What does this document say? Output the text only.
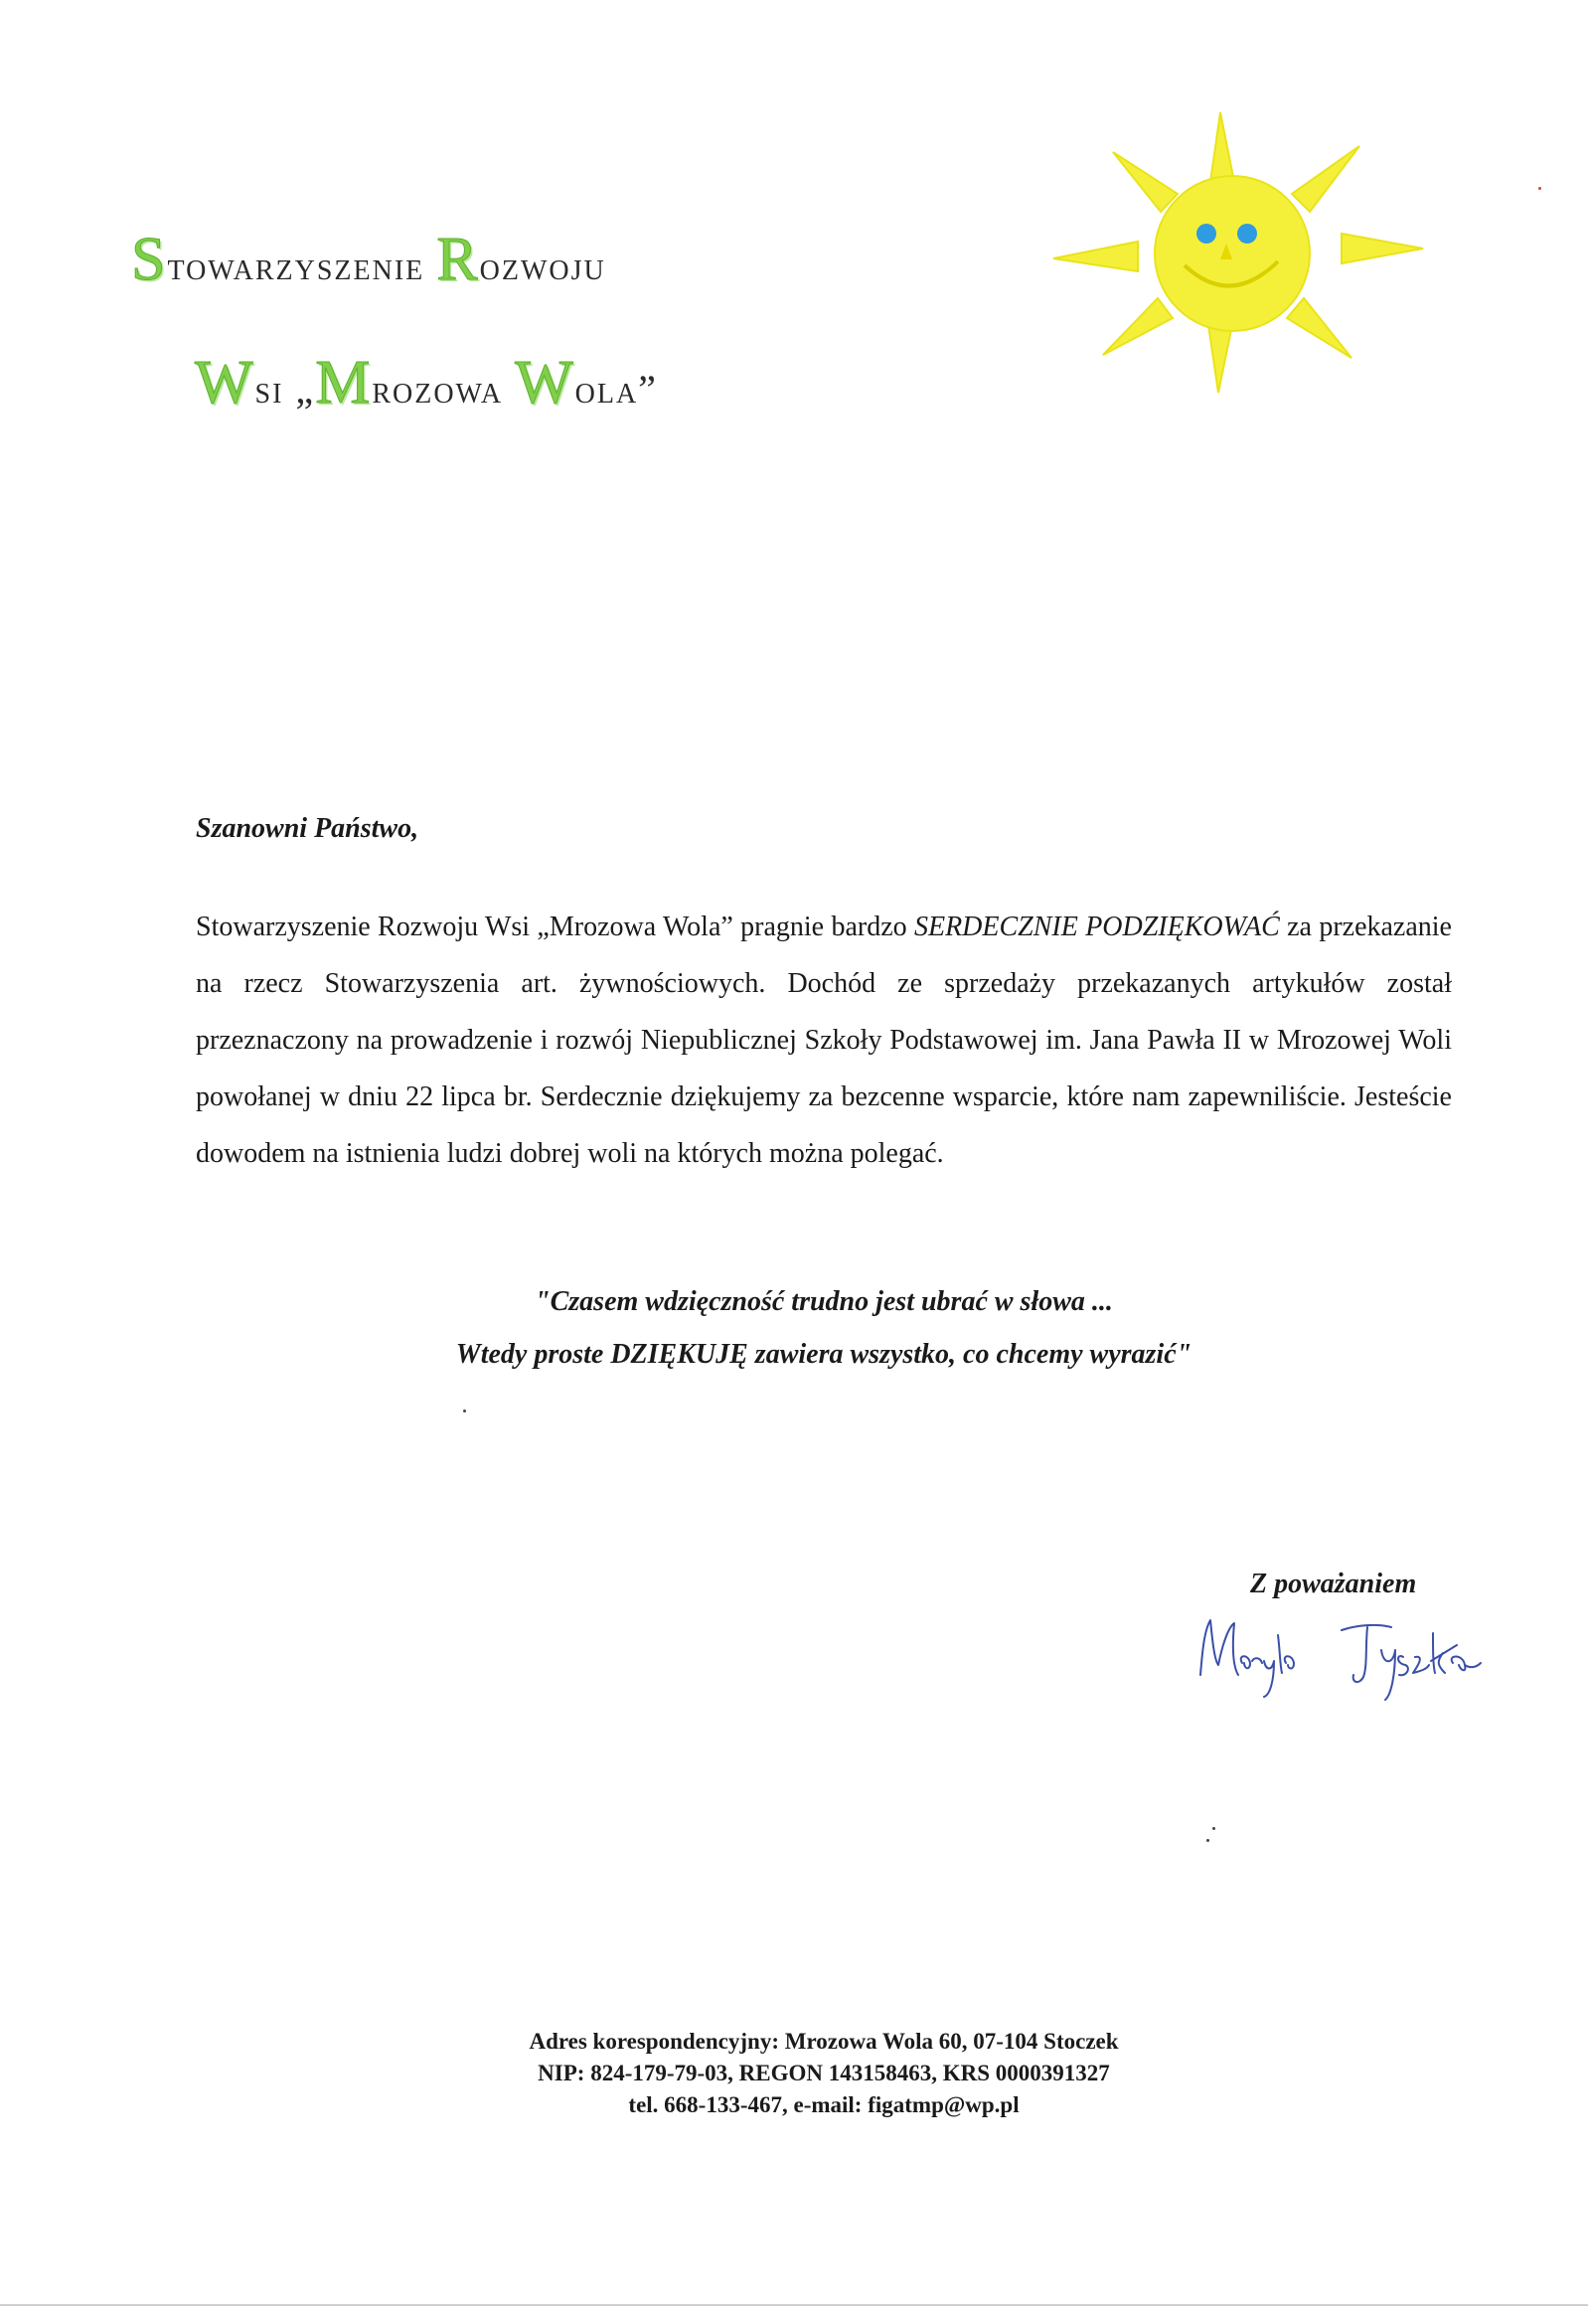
Stowarzyszenie Rozwoju
Wsi „Mrozowa Wola”
Szanowni Państwo,

Stowarzyszenie Rozwoju Wsi „Mrozowa Wola” pragnie bardzo SERDECZNIE PODZIĘKOWAĆ za przekazanie na rzecz Stowarzyszenia art. żywnościowych. Dochód ze sprzedaży przekazanych artykułów został przeznaczony na prowadzenie i rozwój Niepublicznej Szkoły Podstawowej im. Jana Pawła II w Mrozowej Woli powołanej w dniu 22 lipca br. Serdecznie dziękujemy za bezcenne wsparcie, które nam zapewniliście. Jesteście dowodem na istnienia ludzi dobrej woli na których można polegać.

"Czasem wdzięczność trudno jest ubrać w słowa ...
Wtedy proste DZIĘKUJĘ zawiera wszystko, co chcemy wyrazić"
Z poważaniem
Adres korespondencyjny: Mrozowa Wola 60, 07-104 Stoczek
NIP: 824-179-79-03, REGON 143158463, KRS 0000391327
tel. 668-133-467, e-mail: figatmp@wp.pl
